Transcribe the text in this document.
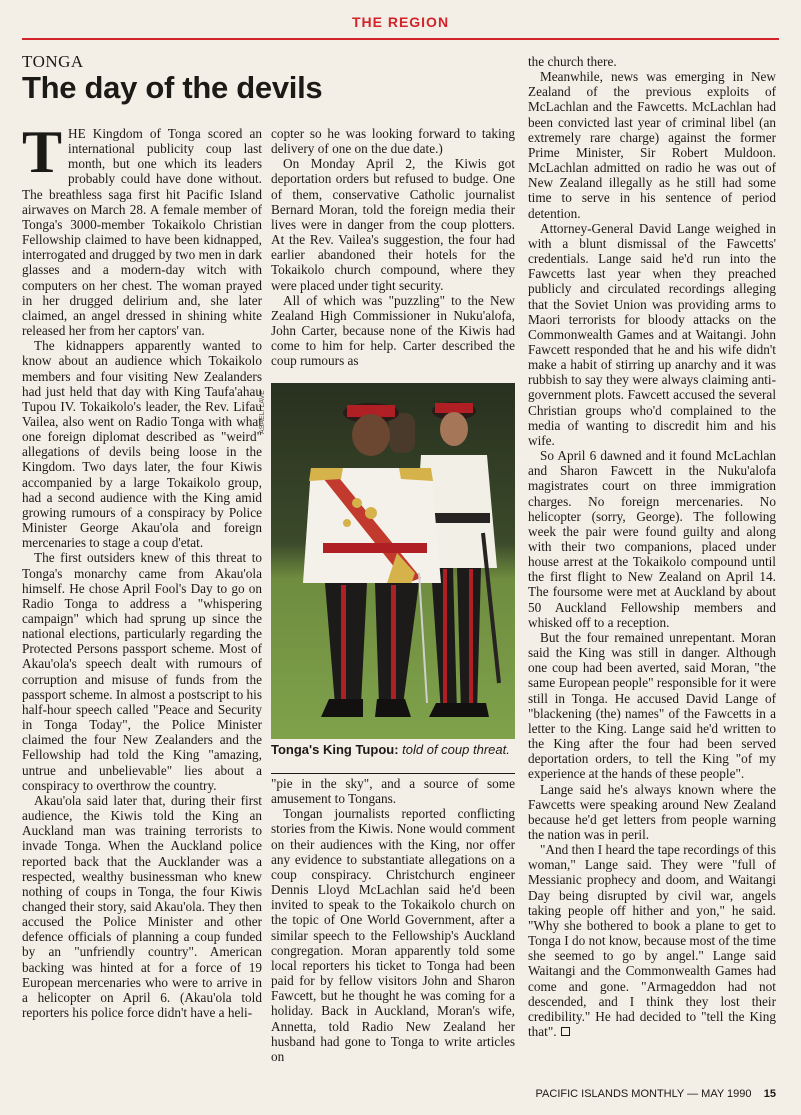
THE REGION
TONGA
The day of the devils

THE Kingdom of Tonga scored an international publicity coup last month, but one which its leaders probably could have done without. The breathless saga first hit Pacific Island airwaves on March 28. A female member of Tonga's 3000-member Tokaikolo Christian Fellowship claimed to have been kidnapped, interrogated and drugged by two men in dark glasses and a modern-day witch with computers on her chest. The woman prayed in her drugged delirium and, she later claimed, an angel dressed in shining white released her from her captors' van.

The kidnappers apparently wanted to know about an audience which Tokaikolo members and four visiting New Zealanders had just held that day with King Taufa'ahau Tupou IV. Tokaikolo's leader, the Rev. Lifau Vailea, also went on Radio Tonga with what one foreign diplomat described as "weird" allegations of devils being loose in the Kingdom. Two days later, the four Kiwis accompanied by a large Tokaikolo group, had a second audience with the King amid growing rumours of a conspiracy by Police Minister George Akau'ola and foreign mercenaries to stage a coup d'etat.

The first outsiders knew of this threat to Tonga's monarchy came from Akau'ola himself. He chose April Fool's Day to go on Radio Tonga to address a "whispering campaign" which had sprung up since the national elections, particularly regarding the Protected Persons passport scheme. Most of Akau'ola's speech dealt with rumours of corruption and misuse of funds from the passport scheme. In almost a postscript to his half-hour speech called "Peace and Security in Tonga Today", the Police Minister claimed the four New Zealanders and the Fellowship had told the King "amazing, untrue and unbelievable" lies about a conspiracy to overthrow the country.

Akau'ola said later that, during their first audience, the Kiwis told the King an Auckland man was training terrorists to invade Tonga. When the Auckland police reported back that the Aucklander was a respected, wealthy businessman who knew nothing of coups in Tonga, the four Kiwis changed their story, said Akau'ola. They then accused the Police Minister and other defence officials of planning a coup funded by an "unfriendly country". American backing was hinted at for a force of 19 European mercenaries who were to arrive in a helicopter on April 6. (Akau'ola told reporters his police force didn't have a heli-

copter so he was looking forward to taking delivery of one on the due date.)

On Monday April 2, the Kiwis got deportation orders but refused to budge. One of them, conservative Catholic journalist Bernard Moran, told the foreign media their lives were in danger from the coup plotters. At the Rev. Vailea's suggestion, the four had earlier abandoned their hotels for the Tokaikolo church compound, where they were placed under tight security.

All of which was "puzzling" to the New Zealand High Commissioner in Nuku'alofa, John Carter, because none of the Kiwis had come to him for help. Carter described the coup rumours as

ASAELI LAVE
Tonga's King Tupou: told of coup threat.

"pie in the sky", and a source of some amusement to Tongans.

Tongan journalists reported conflicting stories from the Kiwis. None would comment on their audiences with the King, nor offer any evidence to substantiate allegations on a coup conspiracy. Christchurch engineer Dennis Lloyd McLachlan said he'd been invited to speak to the Tokaikolo church on the topic of One World Government, after a similar speech to the Fellowship's Auckland congregation. Moran apparently told some local reporters his ticket to Tonga had been paid for by fellow visitors John and Sharon Fawcett, but he thought he was coming for a holiday. Back in Auckland, Moran's wife, Annetta, told Radio New Zealand her husband had gone to Tonga to write articles on

the church there.

Meanwhile, news was emerging in New Zealand of the previous exploits of McLachlan and the Fawcetts. McLachlan had been convicted last year of criminal libel (an extremely rare charge) against the former Prime Minister, Sir Robert Muldoon. McLachlan admitted on radio he was out of New Zealand illegally as he still had some time to serve in his sentence of period detention.

Attorney-General David Lange weighed in with a blunt dismissal of the Fawcetts' credentials. Lange said he'd run into the Fawcetts last year when they preached publicly and circulated recordings alleging that the Soviet Union was providing arms to Maori terrorists for bloody attacks on the Commonwealth Games and at Waitangi. John Fawcett responded that he and his wife didn't make a habit of stirring up anarchy and it was rubbish to say they were always claiming anti-government plots. Fawcett accused the several Christian groups who'd complained to the media of wanting to discredit him and his wife.

So April 6 dawned and it found McLachlan and Sharon Fawcett in the Nuku'alofa magistrates court on three immigration charges. No foreign mercenaries. No helicopter (sorry, George). The following week the pair were found guilty and along with their two companions, placed under house arrest at the Tokaikolo compound until the first flight to New Zealand on April 14. The foursome were met at Auckland by about 50 Auckland Fellowship members and whisked off to a reception.

But the four remained unrepentant. Moran said the King was still in danger. Although one coup had been averted, said Moran, "the same European people" responsible for it were still in Tonga. He accused David Lange of "blackening (the) names" of the Fawcetts in a letter to the King. Lange said he'd written to the King after the four had been served deportation orders, to tell the King "of my experience at the hands of these people".

Lange said he's always known where the Fawcetts were speaking around New Zealand because he'd get letters from people warning the nation was in peril.

"And then I heard the tape recordings of this woman," Lange said. They were "full of Messianic prophecy and doom, and Waitangi Day being disrupted by civil war, angels taking people off hither and yon," he said. "Why she bothered to book a plane to get to Tonga I do not know, because most of the time she seemed to go by angel." Lange said Waitangi and the Commonwealth Games had come and gone. "Armageddon had not descended, and I think they lost their credibility." He had decided to "tell the King that".

PACIFIC ISLANDS MONTHLY — MAY 1990 15
